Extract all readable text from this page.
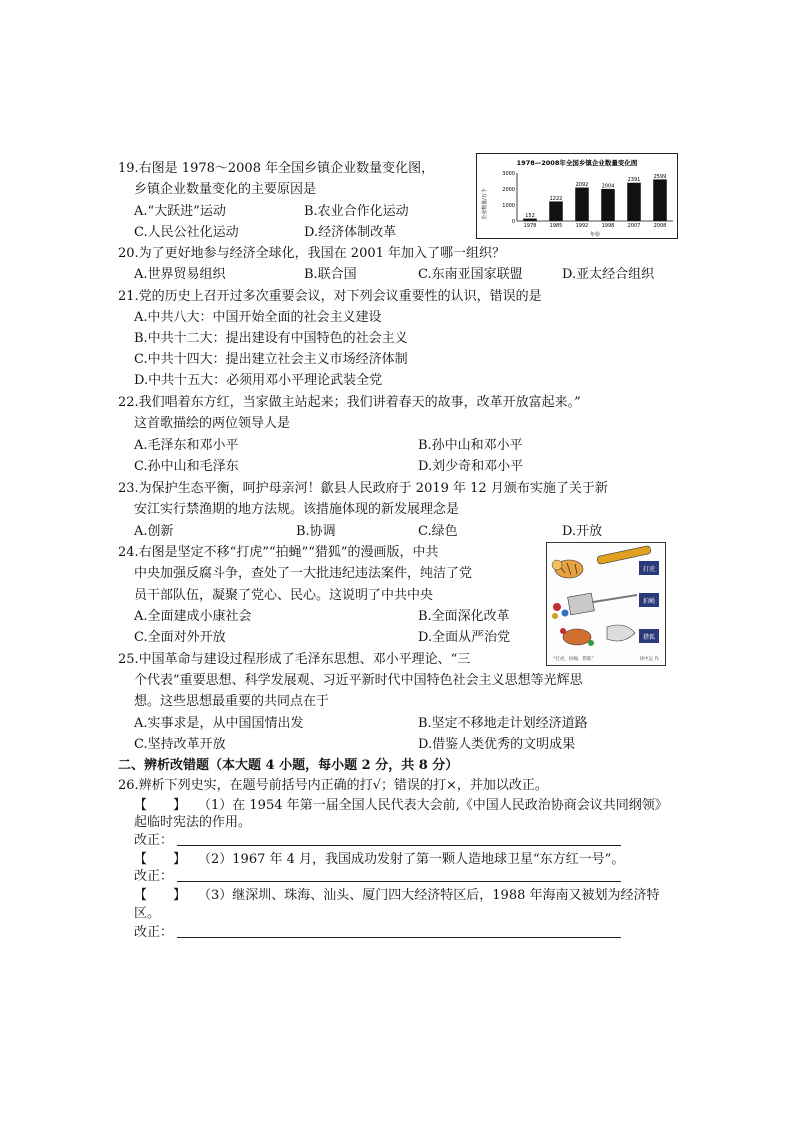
19.右图是 1978～2008 年全国乡镇企业数量变化图，
乡镇企业数量变化的主要原因是
A.“大跃进”运动	B.农业合作化运动
C.人民公社化运动	D.经济体制改革
1978—2008年全国乡镇企业数量变化图
企业数量/万个
年份
3000
2000
1000
0
152
1978
1222
1985
2092
1992
2004
1998
2391
2007
2599
2008
20.为了更好地参与经济全球化，我国在 2001 年加入了哪一组织？
A.世界贸易组织	B.联合国	C.东南亚国家联盟	D.亚太经合组织
21.党的历史上召开过多次重要会议，对下列会议重要性的认识，错误的是
A.中共八大：中国开始全面的社会主义建设
B.中共十二大：提出建设有中国特色的社会主义
C.中共十四大：提出建立社会主义市场经济体制
D.中共十五大：必须用邓小平理论武装全党
22.我们唱着东方红，当家做主站起来；我们讲着春天的故事，改革开放富起来。”
这首歌描绘的两位领导人是
A.毛泽东和邓小平	B.孙中山和邓小平
C.孙中山和毛泽东	D.刘少奇和邓小平
23.为保护生态平衡，呵护母亲河！歙县人民政府于 2019 年 12 月颁布实施了关于新
安江实行禁渔期的地方法规。该措施体现的新发展理念是
A.创新	B.协调	C.绿色	D.开放
24.右图是坚定不移“打虎”“拍蝇”“猎狐”的漫画版，中共
中央加强反腐斗争，查处了一大批违纪违法案件，纯洁了党
员干部队伍，凝聚了党心、民心。这说明了中共中央
A.全面建成小康社会	B.全面深化改革
C.全面对外开放	D.全面从严治党
打虎
拍蝇
猎狐
“打虎、拍蝇、猎狐”	徐中远 作
25.中国革命与建设过程形成了毛泽东思想、邓小平理论、“三
个代表”重要思想、科学发展观、习近平新时代中国特色社会主义思想等光辉思
想。这些思想最重要的共同点在于
A.实事求是，从中国国情出发	B.坚定不移地走计划经济道路
C.坚持改革开放	D.借鉴人类优秀的文明成果
二、辨析改错题（本大题 4 小题，每小题 2 分，共 8 分）
26.辨析下列史实，在题号前括号内正确的打√；错误的打×，并加以改正。
【　　】 （1）在 1954 年第一届全国人民代表大会前,《中国人民政治协商会议共同纲领》
起临时宪法的作用。
改正：
【　　】 （2）1967 年 4 月，我国成功发射了第一颗人造地球卫星“东方红一号”。
改正：
【　　】 （3）继深圳、珠海、汕头、厦门四大经济特区后，1988 年海南又被划为经济特
区。
改正：
